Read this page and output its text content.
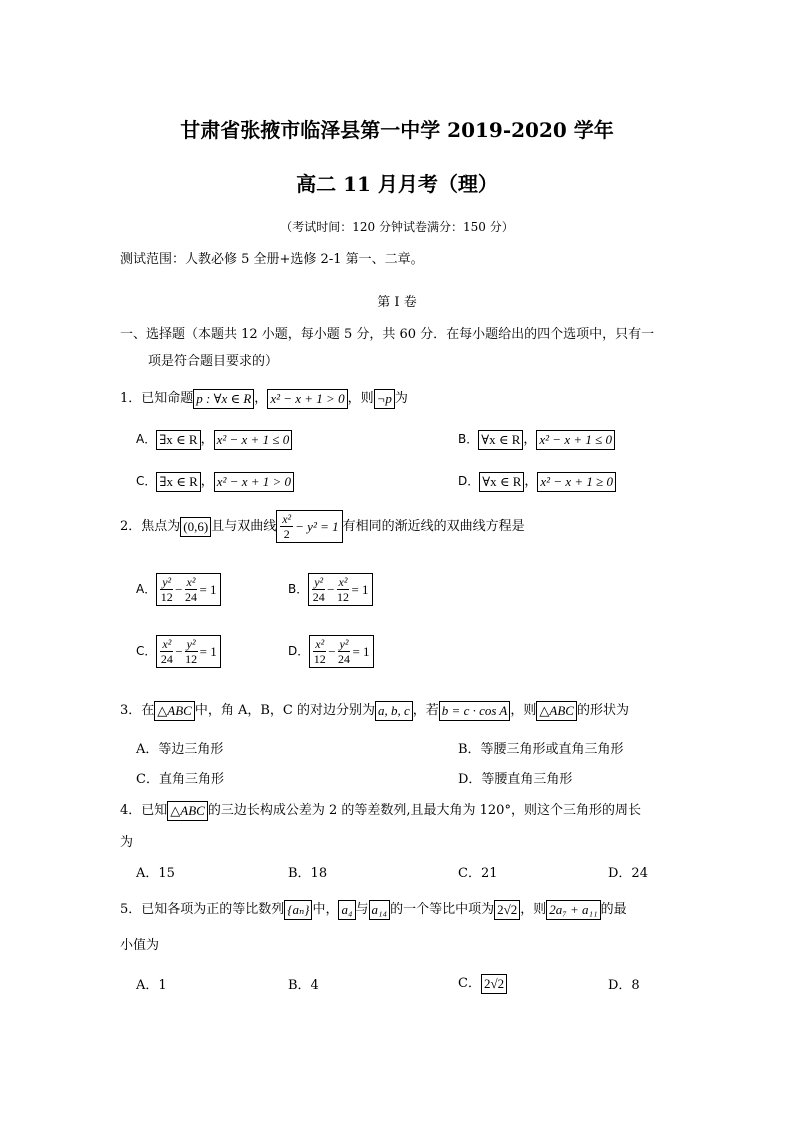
甘肃省张掖市临泽县第一中学 2019-2020 学年
高二 11 月月考（理）
（考试时间：120 分钟试卷满分：150 分）
测试范围：人教必修 5 全册+选修 2-1 第一、二章。
第 I 卷
一、选择题（本题共 12 小题，每小题 5 分，共 60 分．在每小题给出的四个选项中，只有一
项是符合题目要求的）
1．已知命题 p : ∀x ∈ R ， x² − x + 1 > 0 ，则 ¬p 为
A． ∃x ∈ R ， x² − x + 1 ≤ 0	B． ∀x ∈ R ， x² − x + 1 ≤ 0
C． ∃x ∈ R ， x² − x + 1 > 0	D． ∀x ∈ R ， x² − x + 1 ≥ 0
2．焦点为 (0,6) 且与双曲线 $\frac{\text{x²}}{2} - y^2 = 1$ 有相同的渐近线的双曲线方程是
A． $\frac{\text{y²}}{12} - \frac{\text{x²}}{24} = 1$	B． $\frac{\text{y²}}{24} - \frac{\text{x²}}{12} = 1$
C． $\frac{\text{x²}}{24} - \frac{\text{y²}}{12} = 1$	D． $\frac{\text{x²}}{12} - \frac{\text{y²}}{24} = 1$
3．在 △ABC 中，角 A，B，C 的对边分别为 a, b, c ，若 b = c · cos A ，则 △ABC 的形状为
A．等边三角形	B．等腰三角形或直角三角形
C．直角三角形	D．等腰直角三角形
4．已知 △ABC 的三边长构成公差为 2 的等差数列,且最大角为 120°，则这个三角形的周长
为
A．15	B．18	C．21	D．24
5．已知各项为正的等比数列 {aₙ} 中， a₄ 与 a₁₄ 的一个等比中项为 2√2 ，则 2a₇ + a₁₁ 的最
小值为
A．1	B．4	C． 2√2	D．8
